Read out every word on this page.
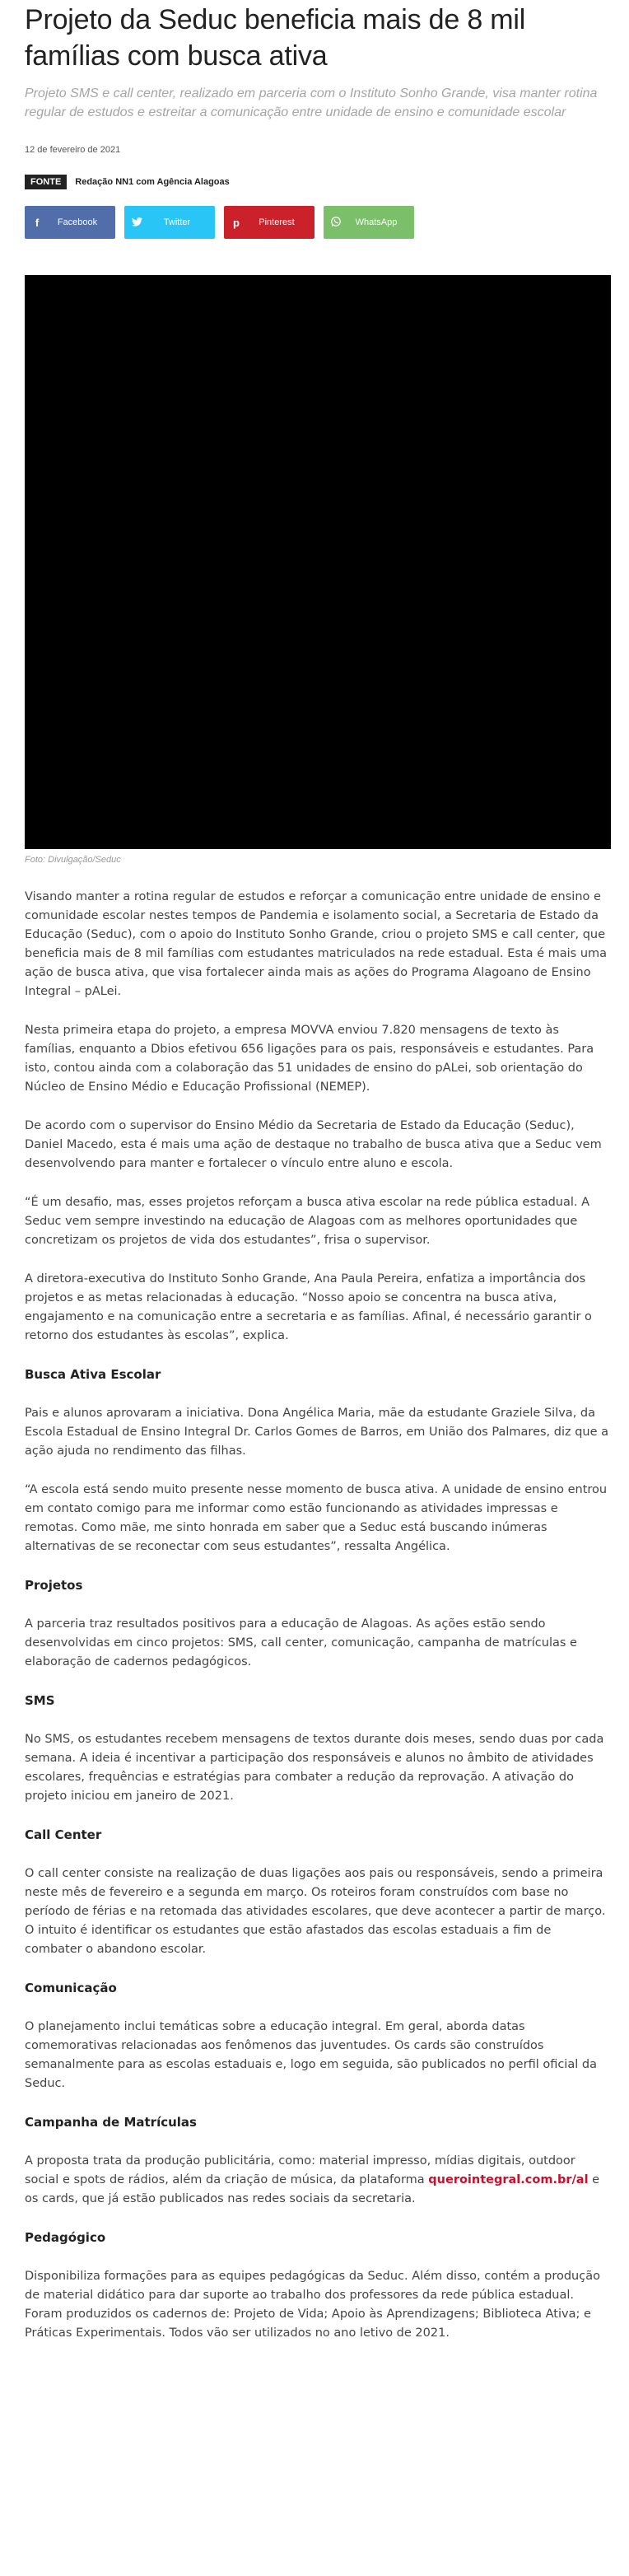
Projeto da Seduc beneficia mais de 8 mil famílias com busca ativa
Projeto SMS e call center, realizado em parceria com o Instituto Sonho Grande, visa manter rotina regular de estudos e estreitar a comunicação entre unidade de ensino e comunidade escolar
12 de fevereiro de 2021
FONTE	Redação NN1 com Agência Alagoas
f	Facebook	Twitter	p	Pinterest	WhatsApp
Foto: Divulgação/Seduc

Visando manter a rotina regular de estudos e reforçar a comunicação entre unidade de ensino e comunidade escolar nestes tempos de Pandemia e isolamento social, a Secretaria de Estado da Educação (Seduc), com o apoio do Instituto Sonho Grande, criou o projeto SMS e call center, que beneficia mais de 8 mil famílias com estudantes matriculados na rede estadual. Esta é mais uma ação de busca ativa, que visa fortalecer ainda mais as ações do Programa Alagoano de Ensino Integral – pALei.

Nesta primeira etapa do projeto, a empresa MOVVA enviou 7.820 mensagens de texto às famílias, enquanto a Dbios efetivou 656 ligações para os pais, responsáveis e estudantes. Para isto, contou ainda com a colaboração das 51 unidades de ensino do pALei, sob orientação do Núcleo de Ensino Médio e Educação Profissional (NEMEP).

De acordo com o supervisor do Ensino Médio da Secretaria de Estado da Educação (Seduc), Daniel Macedo, esta é mais uma ação de destaque no trabalho de busca ativa que a Seduc vem desenvolvendo para manter e fortalecer o vínculo entre aluno e escola.

“É um desafio, mas, esses projetos reforçam a busca ativa escolar na rede pública estadual. A Seduc vem sempre investindo na educação de Alagoas com as melhores oportunidades que concretizam os projetos de vida dos estudantes”, frisa o supervisor.

A diretora-executiva do Instituto Sonho Grande, Ana Paula Pereira, enfatiza a importância dos projetos e as metas relacionadas à educação. “Nosso apoio se concentra na busca ativa, engajamento e na comunicação entre a secretaria e as famílias. Afinal, é necessário garantir o retorno dos estudantes às escolas”, explica.

Busca Ativa Escolar

Pais e alunos aprovaram a iniciativa. Dona Angélica Maria, mãe da estudante Graziele Silva, da Escola Estadual de Ensino Integral Dr. Carlos Gomes de Barros, em União dos Palmares, diz que a ação ajuda no rendimento das filhas.

“A escola está sendo muito presente nesse momento de busca ativa. A unidade de ensino entrou em contato comigo para me informar como estão funcionando as atividades impressas e remotas. Como mãe, me sinto honrada em saber que a Seduc está buscando inúmeras alternativas de se reconectar com seus estudantes”, ressalta Angélica.

Projetos

A parceria traz resultados positivos para a educação de Alagoas. As ações estão sendo desenvolvidas em cinco projetos: SMS, call center, comunicação, campanha de matrículas e elaboração de cadernos pedagógicos.

SMS

No SMS, os estudantes recebem mensagens de textos durante dois meses, sendo duas por cada semana. A ideia é incentivar a participação dos responsáveis e alunos no âmbito de atividades escolares, frequências e estratégias para combater a redução da reprovação. A ativação do projeto iniciou em janeiro de 2021.

Call Center

O call center consiste na realização de duas ligações aos pais ou responsáveis, sendo a primeira neste mês de fevereiro e a segunda em março. Os roteiros foram construídos com base no período de férias e na retomada das atividades escolares, que deve acontecer a partir de março. O intuito é identificar os estudantes que estão afastados das escolas estaduais a fim de combater o abandono escolar.

Comunicação

O planejamento inclui temáticas sobre a educação integral. Em geral, aborda datas comemorativas relacionadas aos fenômenos das juventudes. Os cards são construídos semanalmente para as escolas estaduais e, logo em seguida, são publicados no perfil oficial da Seduc.

Campanha de Matrículas

A proposta trata da produção publicitária, como: material impresso, mídias digitais, outdoor social e spots de rádios, além da criação de música, da plataforma querointegral.com.br/al e os cards, que já estão publicados nas redes sociais da secretaria.

Pedagógico

Disponibiliza formações para as equipes pedagógicas da Seduc. Além disso, contém a produção de material didático para dar suporte ao trabalho dos professores da rede pública estadual. Foram produzidos os cadernos de: Projeto de Vida; Apoio às Aprendizagens; Biblioteca Ativa; e Práticas Experimentais. Todos vão ser utilizados no ano letivo de 2021.
